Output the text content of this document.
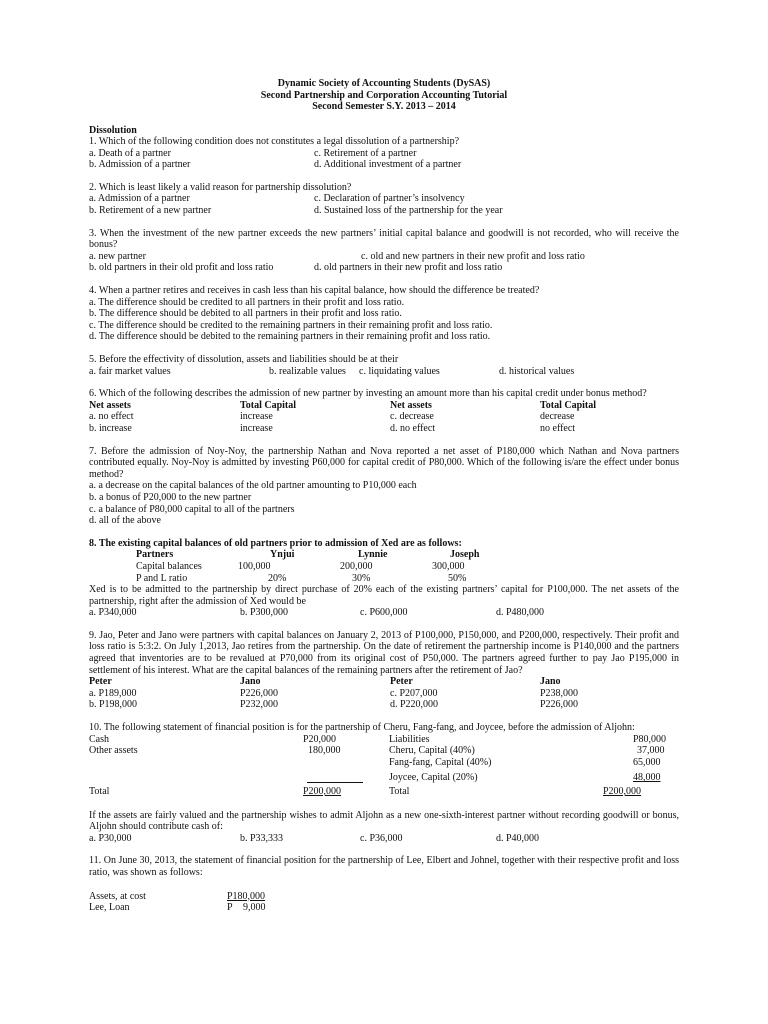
Dynamic Society of Accounting Students (DySAS)
Second Partnership and Corporation Accounting Tutorial
Second Semester S.Y. 2013 – 2014
Dissolution
1. Which of the following condition does not constitutes a legal dissolution of a partnership?
a. Death of a partner	c. Retirement of a partner
b. Admission of a partner	d. Additional investment of a partner
2. Which is least likely a valid reason for partnership dissolution?
a. Admission of a partner	c. Declaration of partner’s insolvency
b. Retirement of a new partner	d. Sustained loss of the partnership for the year
3. When the investment of the new partner exceeds the new partners’ initial capital balance and goodwill is not recorded, who will receive the bonus?
a. new partner	c. old and new partners in their new profit and loss ratio
b. old partners in their old profit and loss ratio	d. old partners in their new profit and loss ratio
4. When a partner retires and receives in cash less than his capital balance, how should the difference be treated?
a. The difference should be credited to all partners in their profit and loss ratio.
b. The difference should be debited to all partners in their profit and loss ratio.
c. The difference should be credited to the remaining partners in their remaining profit and loss ratio.
d. The difference should be debited to the remaining partners in their remaining profit and loss ratio.
5. Before the effectivity of dissolution, assets and liabilities should be at their
a. fair market values	b. realizable values	c. liquidating values	d. historical values
6. Which of the following describes the admission of new partner by investing an amount more than his capital credit under bonus method?
Net assets	Total Capital	Net assets	Total Capital
a. no effect	increase	c. decrease	decrease
b. increase	increase	d. no effect	no effect
7. Before the admission of Noy-Noy, the partnership Nathan and Nova reported a net asset of P180,000 which Nathan and Nova partners contributed equally. Noy-Noy is admitted by investing P60,000 for capital credit of P80,000. Which of the following is/are the effect under bonus method?
a. a decrease on the capital balances of the old partner amounting to P10,000 each
b. a bonus of P20,000 to the new partner
c. a balance of P80,000 capital to all of the partners
d. all of the above
8. The existing capital balances of old partners prior to admission of Xed are as follows:
Partners	Ynjui	Lynnie	Joseph
Capital balances	100,000	200,000	300,000
P and L ratio	20%	30%	50%
Xed is to be admitted to the partnership by direct purchase of 20% each of the existing partners’ capital for P100,000. The net assets of the partnership, right after the admission of Xed would be
a. P340,000	b. P300,000	c. P600,000	d. P480,000
9. Jao, Peter and Jano were partners with capital balances on January 2, 2013 of P100,000, P150,000, and P200,000, respectively. Their profit and loss ratio is 5:3:2. On July 1,2013, Jao retires from the partnership. On the date of retirement the partnership income is P140,000 and the partners agreed that inventories are to be revalued at P70,000 from its original cost of P50,000. The partners agreed further to pay Jao P195,000 in settlement of his interest. What are the capital balances of the remaining partners after the retirement of Jao?
Peter	Jano	Peter	Jano
a. P189,000	P226,000	c. P207,000	P238,000
b. P198,000	P232,000	d. P220,000	P226,000
10. The following statement of financial position is for the partnership of Cheru, Fang-fang, and Joycee, before the admission of Aljohn:
Cash	P20,000	Liabilities	P80,000
Other assets	180,000	Cheru, Capital (40%)	37,000
Fang-fang, Capital (40%)	65,000
Joycee, Capital (20%)	48,000
Total	P200,000	Total	P200,000
If the assets are fairly valued and the partnership wishes to admit Aljohn as a new one-sixth-interest partner without recording goodwill or bonus, Aljohn should contribute cash of:
a. P30,000	b. P33,333	c. P36,000	d. P40,000
11. On June 30, 2013, the statement of financial position for the partnership of Lee, Elbert and Johnel, together with their respective profit and loss ratio, was shown as follows:
Assets, at cost	P180,000
Lee, Loan	P	9,000
